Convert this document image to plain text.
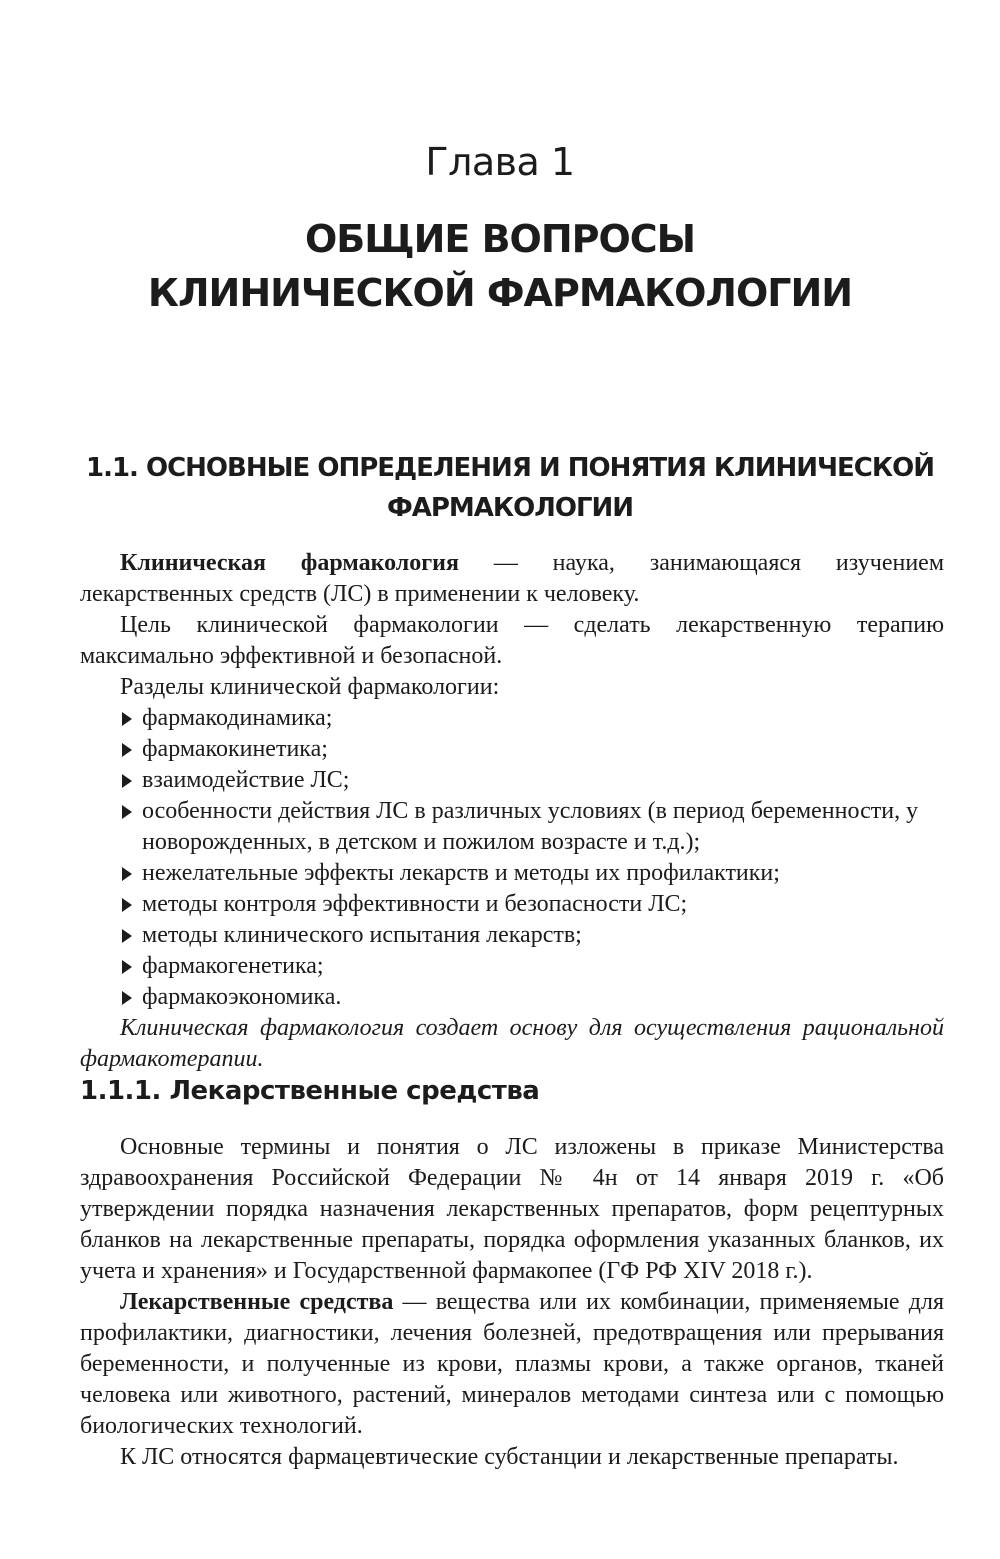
Глава 1
ОБЩИЕ ВОПРОСЫ
КЛИНИЧЕСКОЙ ФАРМАКОЛОГИИ
1.1. ОСНОВНЫЕ ОПРЕДЕЛЕНИЯ И ПОНЯТИЯ КЛИНИЧЕСКОЙ
ФАРМАКОЛОГИИ

Клиническая фармакология — наука, занимающаяся изучением лекарственных средств (ЛС) в применении к человеку.

Цель клинической фармакологии — сделать лекарственную терапию максимально эффективной и безопасной.

Разделы клинической фармакологии:

фармакодинамика;
фармакокинетика;
взаимодействие ЛС;
особенности действия ЛС в различных условиях (в период беременности, у новорожденных, в детском и пожилом возрасте и т.д.);
нежелательные эффекты лекарств и методы их профилактики;
методы контроля эффективности и безопасности ЛС;
методы клинического испытания лекарств;
фармакогенетика;
фармакоэкономика.

Клиническая фармакология создает основу для осуществления рациональной фармакотерапии.

1.1.1. Лекарственные средства

Основные термины и понятия о ЛС изложены в приказе Министерства здравоохранения Российской Федерации № 4н от 14 января 2019 г. «Об утверждении порядка назначения лекарственных препаратов, форм рецептурных бланков на лекарственные препараты, порядка оформления указанных бланков, их учета и хранения» и Государственной фармакопее (ГФ РФ XIV 2018 г.).

Лекарственные средства — вещества или их комбинации, применяемые для профилактики, диагностики, лечения болезней, предотвращения или прерывания беременности, и полученные из крови, плазмы крови, а также органов, тканей человека или животного, растений, минералов методами синтеза или с помощью биологических технологий.

К ЛС относятся фармацевтические субстанции и лекарственные препараты.
